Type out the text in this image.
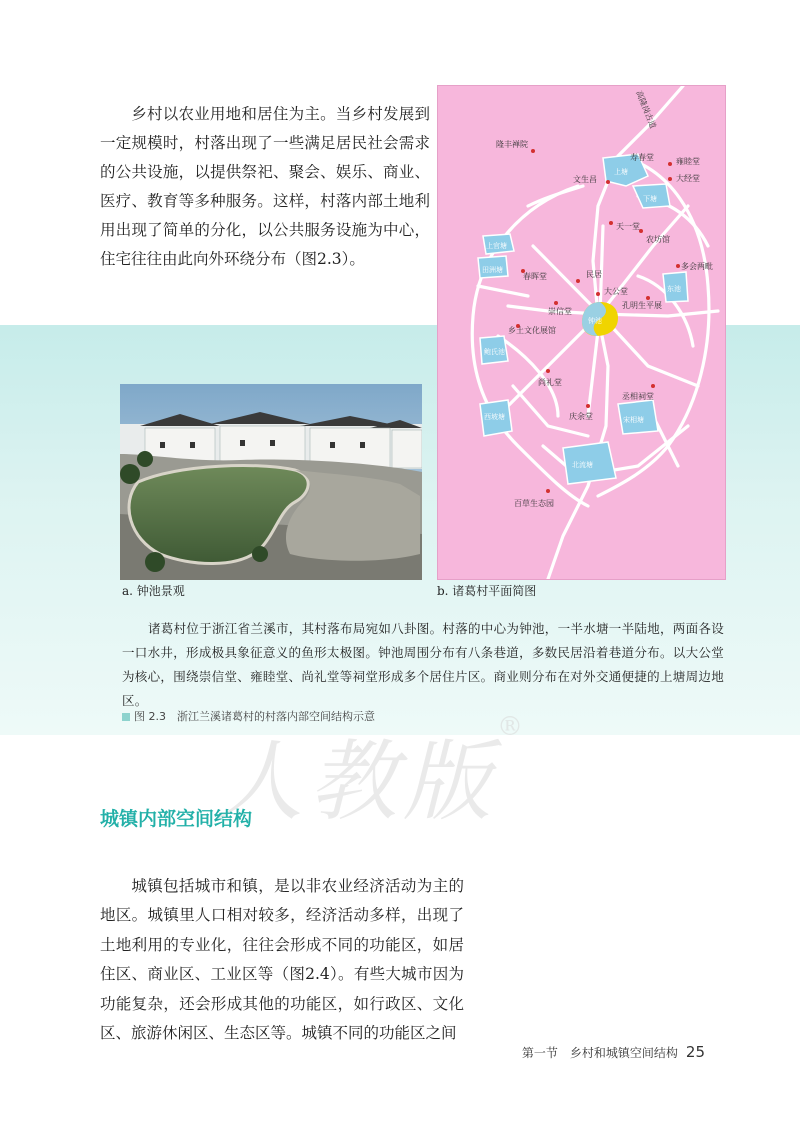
乡村以农业用地和居住为主。当乡村发展到一定规模时，村落出现了一些满足居民社会需求的公共设施，以提供祭祀、聚会、娱乐、商业、医疗、教育等多种服务。这样，村落内部土地利用出现了简单的分化，以公共服务设施为中心，住宅往往由此向外环绕分布（图2.3）。

高隆岗古道
隆丰禅院
文生昌
寿春堂	雍睦堂
大经堂
天一堂
农坊馆
多会两毗
民居
春晖堂
大公堂
崇信堂
孔明生平展
乡土文化展馆
尚礼堂
丞相祠堂
庆余堂
百草生态园
上塘
下塘
上官塘
田洲塘
钟池
东池
鲍氏池
西坡塘	宋相塘
北流塘
a. 钟池景观	b. 诸葛村平面简图

诸葛村位于浙江省兰溪市，其村落布局宛如八卦图。村落的中心为钟池，一半水塘一半陆地，两面各设一口水井，形成极具象征意义的鱼形太极图。钟池周围分布有八条巷道，多数民居沿着巷道分布。以大公堂为核心，围绕崇信堂、雍睦堂、尚礼堂等祠堂形成多个居住片区。商业则分布在对外交通便捷的上塘周边地区。

图 2.3　浙江兰溪诸葛村的村落内部空间结构示意
人教版®
城镇内部空间结构

城镇包括城市和镇，是以非农业经济活动为主的地区。城镇里人口相对较多，经济活动多样，出现了土地利用的专业化，往往会形成不同的功能区，如居住区、商业区、工业区等（图2.4）。有些大城市因为功能复杂，还会形成其他的功能区，如行政区、文化区、旅游休闲区、生态区等。城镇不同的功能区之间

第一节　乡村和城镇空间结构 25
